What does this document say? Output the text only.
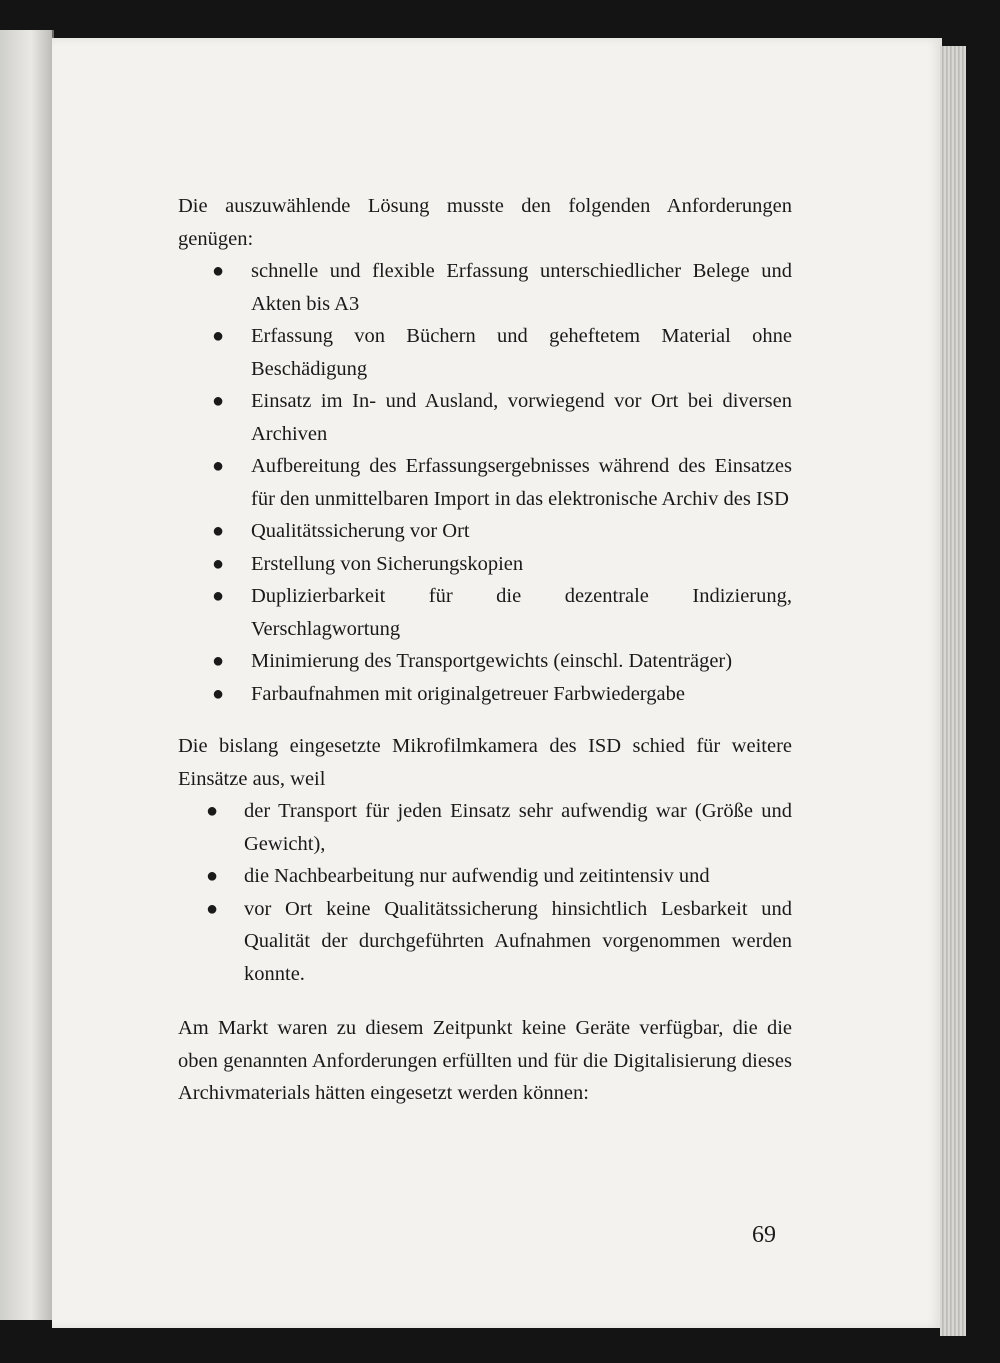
Die auszuwählende Lösung musste den folgenden Anforderungen genügen:

● schnelle und flexible Erfassung unterschiedlicher Belege und Akten bis A3
● Erfassung von Büchern und geheftetem Material ohne Beschädigung
● Einsatz im In- und Ausland, vorwiegend vor Ort bei diversen Archiven
● Aufbereitung des Erfassungsergebnisses während des Einsatzes für den unmittelbaren Import in das elektronische Archiv des ISD
● Qualitätssicherung vor Ort
● Erstellung von Sicherungskopien
● Duplizierbarkeit für die dezentrale Indizierung, Verschlagwortung
● Minimierung des Transportgewichts (einschl. Datenträger)
● Farbaufnahmen mit originalgetreuer Farbwiedergabe

Die bislang eingesetzte Mikrofilmkamera des ISD schied für weitere Einsätze aus, weil

● der Transport für jeden Einsatz sehr aufwendig war (Größe und Gewicht),
● die Nachbearbeitung nur aufwendig und zeitintensiv und
● vor Ort keine Qualitätssicherung hinsichtlich Lesbarkeit und Qualität der durchgeführten Aufnahmen vorgenommen werden konnte.

Am Markt waren zu diesem Zeitpunkt keine Geräte verfügbar, die die oben genannten Anforderungen erfüllten und für die Digitalisierung dieses Archivmaterials hätten eingesetzt werden können:

69
